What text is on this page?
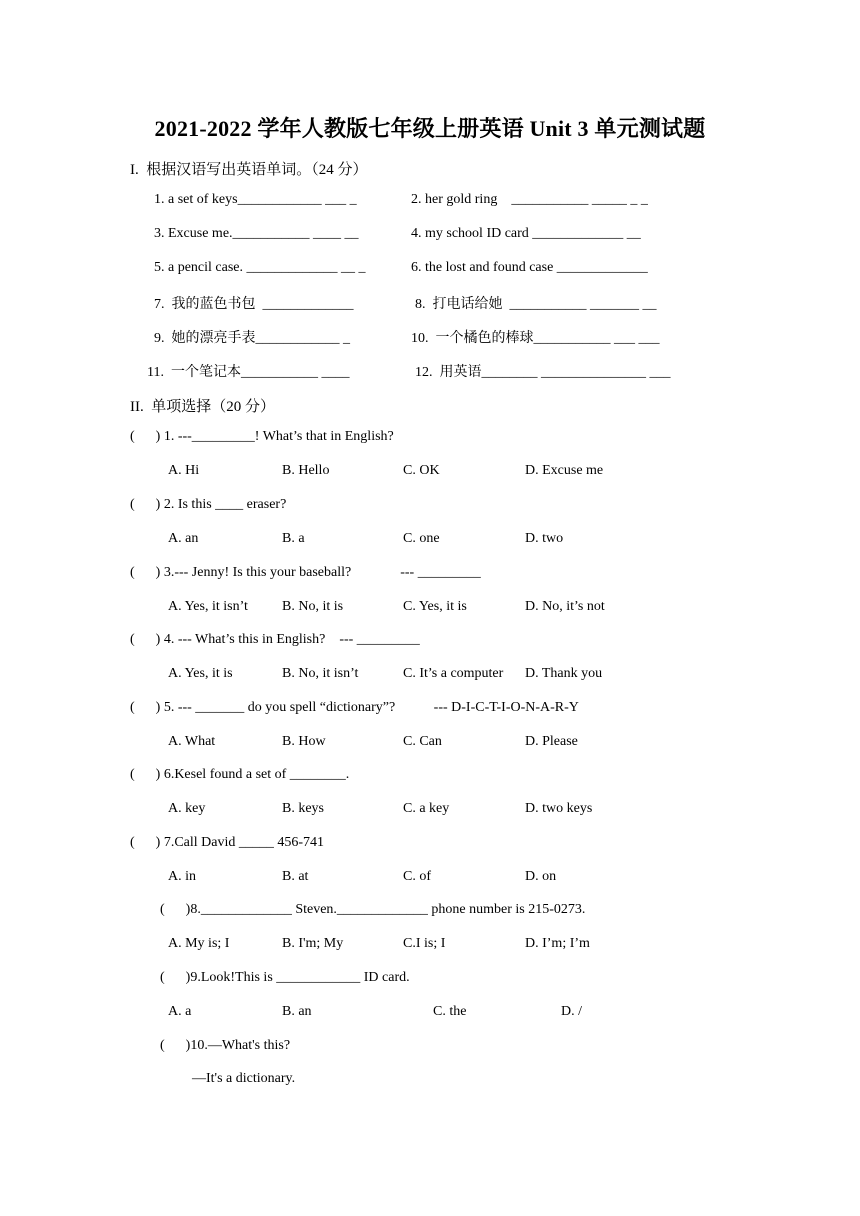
2021-2022 学年人教版七年级上册英语 Unit 3 单元测试题
I.  根据汉语写出英语单词。（24 分）
1. a set of keys____________ ___ _	2. her gold ring    ___________ _____ _ _
3. Excuse me.___________ ____ __	4. my school ID card _____________ __
5. a pencil case. _____________ __ _	6. the lost and found case _____________
7.  我的蓝色书包  _____________	8.  打电话给她  ___________ _______ __
9.  她的漂亮手表____________ _	10.  一个橘色的棒球___________ ___ ___
11.  一个笔记本___________ ____	12.  用英语________ _______________ ___
II.  单项选择（20 分）
(      ) 1. ---_________! What’s that in English?
A. Hi	B. Hello	C. OK	D. Excuse me
(      ) 2. Is this ____ eraser?
A. an	B. a	C. one	D. two
(      ) 3.--- Jenny! Is this your baseball?              --- _________
A. Yes, it isn’t B. No, it is	C. Yes, it is	D. No, it’s not
(      ) 4. --- What’s this in English?    --- _________
A. Yes, it is	B. No, it isn’t	C. It’s a computer D. Thank you
(      ) 5. --- _______ do you spell “dictionary”?           --- D-I-C-T-I-O-N-A-R-Y
A. What	B. How	C. Can	D. Please
(      ) 6.Kesel found a set of ________.
A. key	B. keys	C. a key	D. two keys
(      ) 7.Call David _____ 456-741
A. in	B. at	C. of	D. on
(      )8._____________ Steven._____________ phone number is 215-0273.
A. My is; I	B. I'm; My	C.I is; I	D. I’m; I’m
(      )9.Look!This is ____________ ID card.
A. a	B. an	C. the	D. /
(      )10.—What's this?
—It's a dictionary.
